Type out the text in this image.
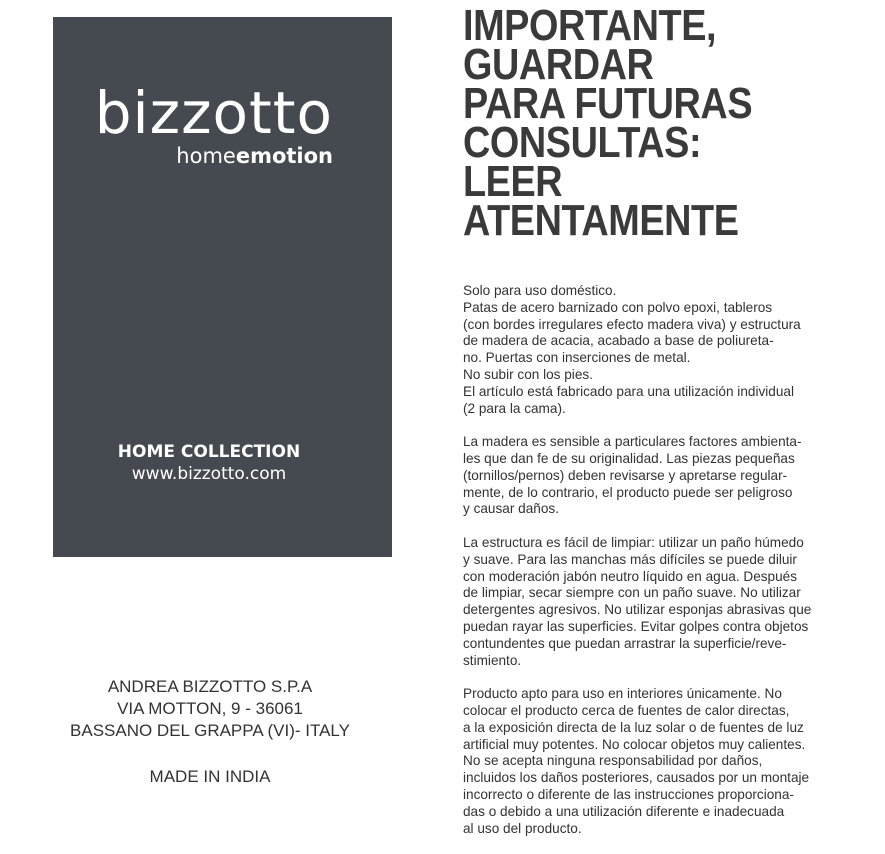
bizzotto
homeemotion
HOME COLLECTION
www.bizzotto.com
ANDREA BIZZOTTO S.P.A
VIA MOTTON, 9 - 36061
BASSANO DEL GRAPPA (VI)- ITALY
MADE IN INDIA
IMPORTANTE,
GUARDAR
PARA FUTURAS
CONSULTAS:
LEER
ATENTAMENTE
Solo para uso doméstico.
Patas de acero barnizado con polvo epoxi, tableros
(con bordes irregulares efecto madera viva) y estructura
de madera de acacia, acabado a base de poliureta-
no. Puertas con inserciones de metal.
No subir con los pies.
El artículo está fabricado para una utilización individual
(2 para la cama).
La madera es sensible a particulares factores ambienta-
les que dan fe de su originalidad. Las piezas pequeñas
(tornillos/pernos) deben revisarse y apretarse regular-
mente, de lo contrario, el producto puede ser peligroso
y causar daños.
La estructura es fácil de limpiar: utilizar un paño húmedo
y suave. Para las manchas más difíciles se puede diluir
con moderación jabón neutro líquido en agua. Después
de limpiar, secar siempre con un paño suave. No utilizar
detergentes agresivos. No utilizar esponjas abrasivas que
puedan rayar las superficies. Evitar golpes contra objetos
contundentes que puedan arrastrar la superficie/reve-
stimiento.
Producto apto para uso en interiores únicamente. No
colocar el producto cerca de fuentes de calor directas,
a la exposición directa de la luz solar o de fuentes de luz
artificial muy potentes. No colocar objetos muy calientes.
No se acepta ninguna responsabilidad por daños,
incluidos los daños posteriores, causados por un montaje
incorrecto o diferente de las instrucciones proporciona-
das o debido a una utilización diferente e inadecuada
al uso del producto.
